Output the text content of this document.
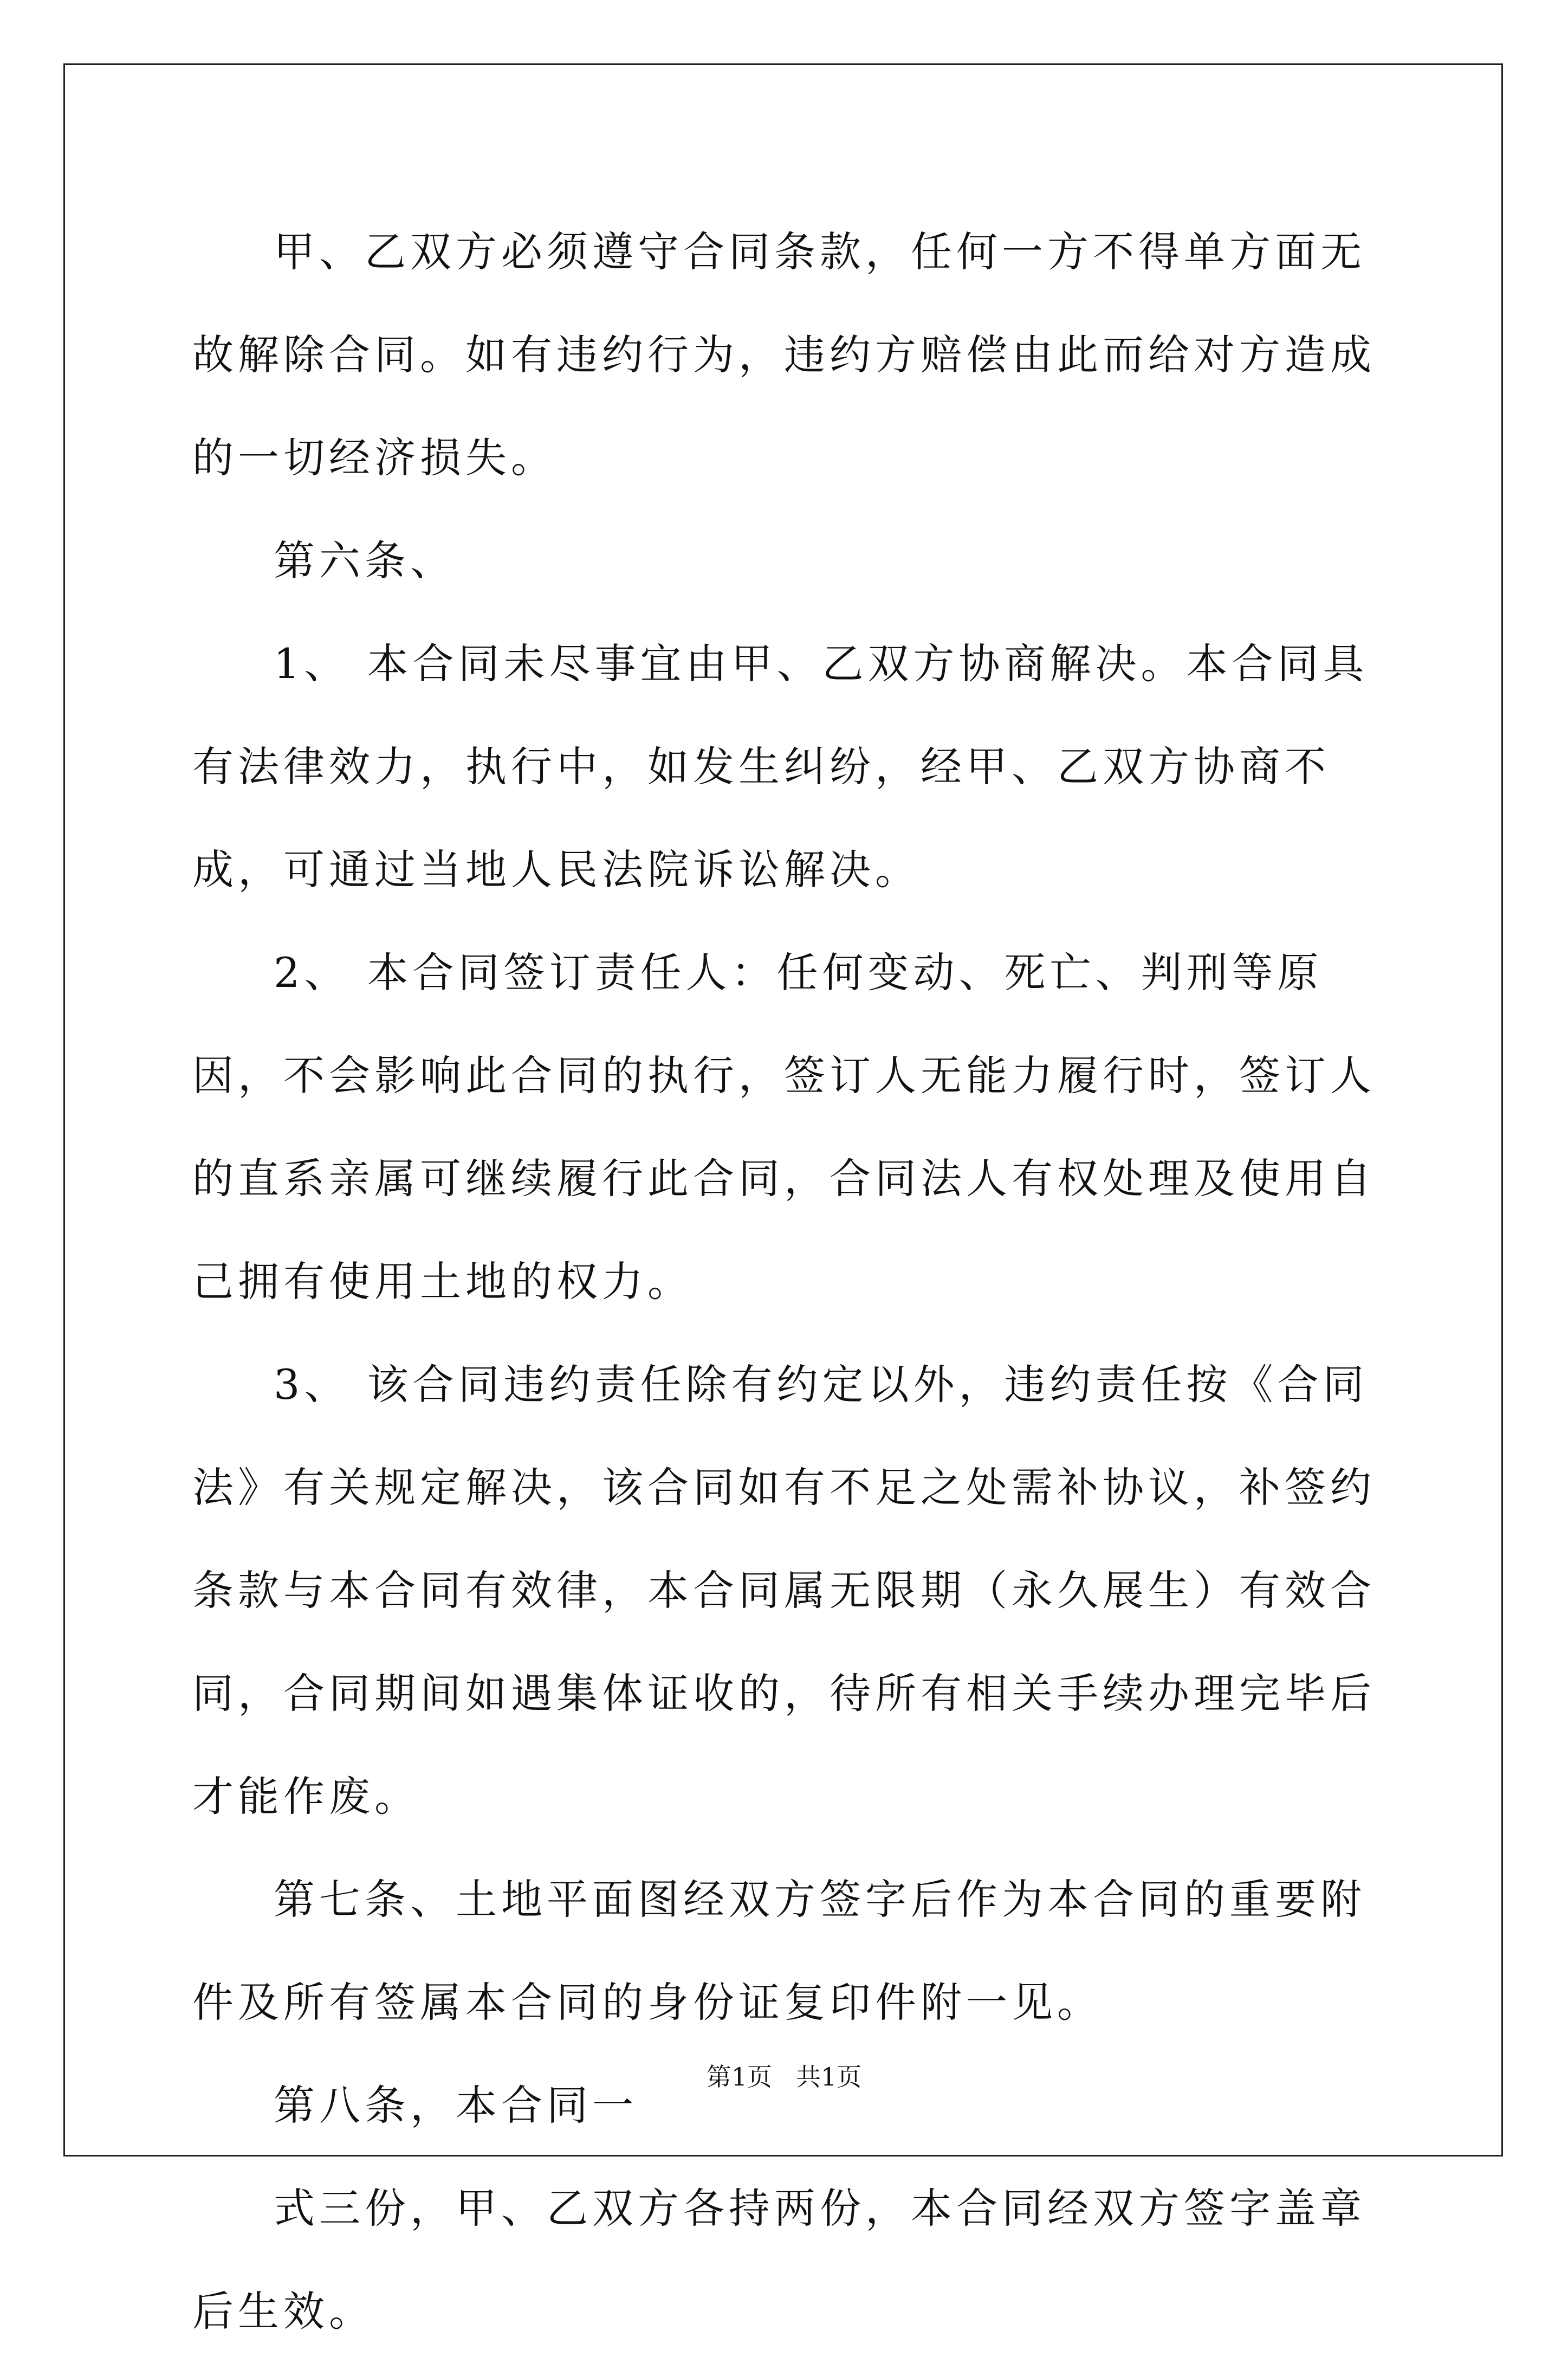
甲、乙双方必须遵守合同条款，任何一方不得单方面无故解除合同。如有违约行为，违约方赔偿由此而给对方造成的一切经济损失。

第六条、

1、 本合同未尽事宜由甲、乙双方协商解决。本合同具有法律效力，执行中，如发生纠纷，经甲、乙双方协商不成，可通过当地人民法院诉讼解决。

2、 本合同签订责任人：任何变动、死亡、判刑等原因，不会影响此合同的执行，签订人无能力履行时，签订人的直系亲属可继续履行此合同，合同法人有权处理及使用自己拥有使用土地的权力。

3、 该合同违约责任除有约定以外，违约责任按《合同法》有关规定解决，该合同如有不足之处需补协议，补签约条款与本合同有效律，本合同属无限期（永久展生）有效合同，合同期间如遇集体证收的，待所有相关手续办理完毕后才能作废。

第七条、土地平面图经双方签字后作为本合同的重要附件及所有签属本合同的身份证复印件附一见。

第八条，本合同一

式三份，甲、乙双方各持两份，本合同经双方签字盖章后生效。

第1页 共1页
